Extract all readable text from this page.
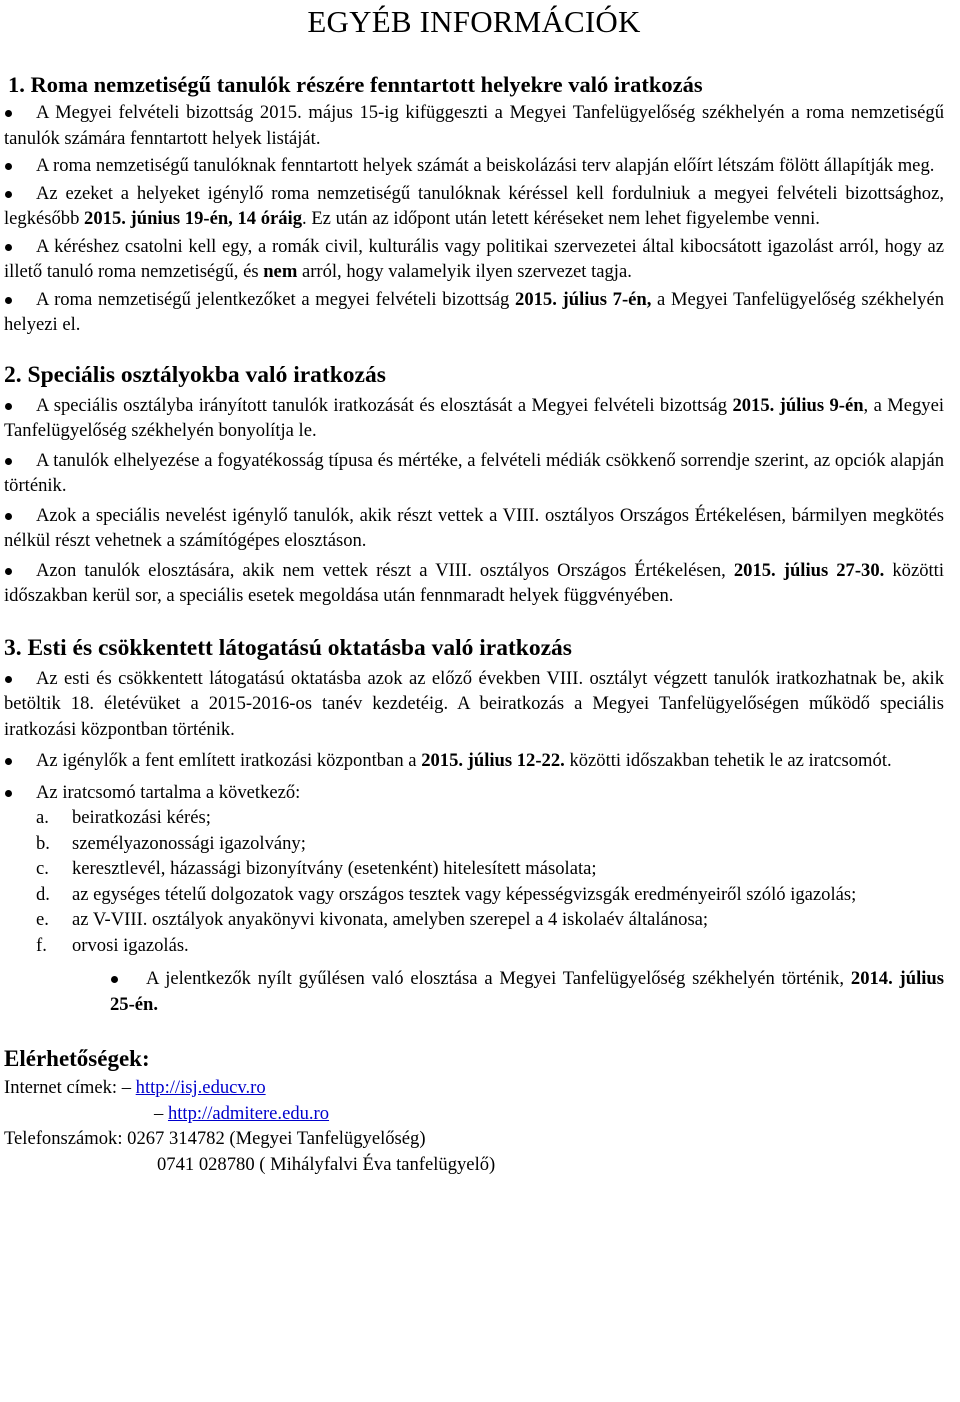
EGYÉB INFORMÁCIÓK

1. Roma nemzetiségű tanulók részére fenntartott helyekre való iratkozás

A Megyei felvételi bizottság 2015. május 15-ig kifüggeszti a Megyei Tanfelügyelőség székhelyén a roma nemzetiségű tanulók számára fenntartott helyek listáját.

A roma nemzetiségű tanulóknak fenntartott helyek számát a beiskolázási terv alapján előírt létszám fölött állapítják meg.

Az ezeket a helyeket igénylő roma nemzetiségű tanulóknak kéréssel kell fordulniuk a megyei felvételi bizottsághoz, legkésőbb 2015. június 19-én, 14 óráig. Ez után az időpont után letett kéréseket nem lehet figyelembe venni.

A kéréshez csatolni kell egy, a romák civil, kulturális vagy politikai szervezetei által kibocsátott igazolást arról, hogy az illető tanuló roma nemzetiségű, és nem arról, hogy valamelyik ilyen szervezet tagja.

A roma nemzetiségű jelentkezőket a megyei felvételi bizottság 2015. július 7-én, a Megyei Tanfelügyelőség székhelyén helyezi el.

2. Speciális osztályokba való iratkozás

A speciális osztályba irányított tanulók iratkozását és elosztását a Megyei felvételi bizottság 2015. július 9-én, a Megyei Tanfelügyelőség székhelyén bonyolítja le.

A tanulók elhelyezése a fogyatékosság típusa és mértéke, a felvételi médiák csökkenő sorrendje szerint, az opciók alapján történik.

Azok a speciális nevelést igénylő tanulók, akik részt vettek a VIII. osztályos Országos Értékelésen, bármilyen megkötés nélkül részt vehetnek a számítógépes elosztáson.

Azon tanulók elosztására, akik nem vettek részt a VIII. osztályos Országos Értékelésen, 2015. július 27-30. közötti időszakban kerül sor, a speciális esetek megoldása után fennmaradt helyek függvényében.

3. Esti és csökkentett látogatású oktatásba való iratkozás

Az esti és csökkentett látogatású oktatásba azok az előző években VIII. osztályt végzett tanulók iratkozhatnak be, akik betöltik 18. életévüket a 2015-2016-os tanév kezdetéig. A beiratkozás a Megyei Tanfelügyelőségen működő speciális iratkozási központban történik.

Az igénylők a fent említett iratkozási központban a 2015. július 12-22. közötti időszakban tehetik le az iratcsomót.

Az iratcsomó tartalma a következő:

a.	beiratkozási kérés;
b.	személyazonossági igazolvány;
c.	keresztlevél, házassági bizonyítvány (esetenként) hitelesített másolata;
d.	az egységes tételű dolgozatok vagy országos tesztek vagy képességvizsgák eredményeiről szóló igazolás;
e.	az V-VIII. osztályok anyakönyvi kivonata, amelyben szerepel a 4 iskolaév általánosa;
f.	orvosi igazolás.

A jelentkezők nyílt gyűlésen való elosztása a Megyei Tanfelügyelőség székhelyén történik, 2014. július 25-én.

Elérhetőségek:

Internet címek: – http://isj.educv.ro

– http://admitere.edu.ro

Telefonszámok: 0267 314782 (Megyei Tanfelügyelőség)

0741 028780 ( Mihályfalvi Éva tanfelügyelő)
